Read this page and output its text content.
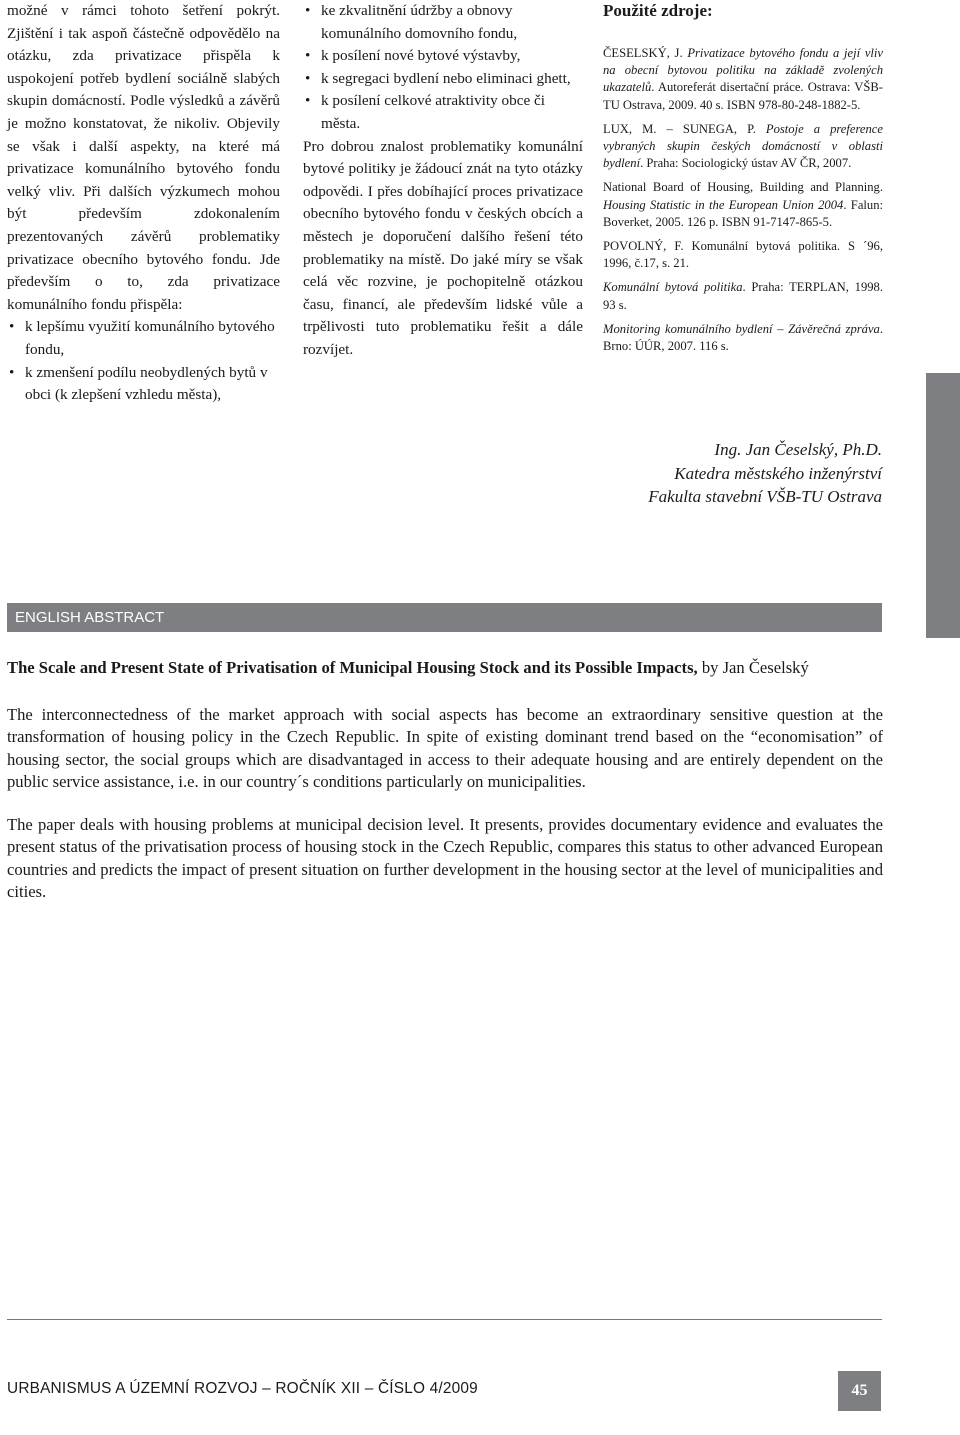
možné v rámci tohoto šetření pokrýt. Zjištění i tak aspoň částečně odpovědělo na otázku, zda privatizace přispěla k uspokojení potřeb bydlení sociálně slabých skupin domácností. Podle výsledků a závěrů je možno konstatovat, že nikoliv. Objevily se však i další aspekty, na které má privatizace komunálního bytového fondu velký vliv. Při dalších výzkumech mohou být především zdokonalením prezentovaných závěrů problematiky privatizace obecního bytového fondu. Jde především o to, zda privatizace komunálního fondu přispěla:

• k lepšímu využití komunálního bytového fondu,
• k zmenšení podílu neobydlených bytů v obci (k zlepšení vzhledu města),
• ke zkvalitnění údržby a obnovy komunálního domovního fondu,
• k posílení nové bytové výstavby,
• k segregaci bydlení nebo eliminaci ghett,
• k posílení celkové atraktivity obce či města.

Pro dobrou znalost problematiky komunální bytové politiky je žádoucí znát na tyto otázky odpovědi. I přes dobíhající proces privatizace obecního bytového fondu v českých obcích a městech je doporučení dalšího řešení této problematiky na místě. Do jaké míry se však celá věc rozvine, je pochopitelně otázkou času, financí, ale především lidské vůle a trpělivosti tuto problematiku řešit a dále rozvíjet.

Použité zdroje:

ČESELSKÝ, J. Privatizace bytového fondu a její vliv na obecní bytovou politiku na základě zvolených ukazatelů. Autoreferát disertační práce. Ostrava: VŠB-TU Ostrava, 2009. 40 s. ISBN 978-80-248-1882-5.

LUX, M. – SUNEGA, P. Postoje a preference vybraných skupin českých domácností v oblasti bydlení. Praha: Sociologický ústav AV ČR, 2007.

National Board of Housing, Building and Planning. Housing Statistic in the European Union 2004. Falun: Boverket, 2005. 126 p. ISBN 91-7147-865-5.

POVOLNÝ, F. Komunální bytová politika. S ´96, 1996, č.17, s. 21.

Komunální bytová politika. Praha: TERPLAN, 1998. 93 s.

Monitoring komunálního bydlení – Závěrečná zpráva. Brno: ÚÚR, 2007. 116 s.

Ing. Jan Česelský, Ph.D.
Katedra městského inženýrství
Fakulta stavební VŠB-TU Ostrava
ENGLISH ABSTRACT

The Scale and Present State of Privatisation of Municipal Housing Stock and its Possible Impacts, by Jan Česelský

The interconnectedness of the market approach with social aspects has become an extraordinary sensitive question at the transformation of housing policy in the Czech Republic. In spite of existing dominant trend based on the “economisation” of housing sector, the social groups which are disadvantaged in access to their adequate housing and are entirely dependent on the public service assistance, i.e. in our country´s conditions particularly on municipalities.

The paper deals with housing problems at municipal decision level. It presents, provides documentary evidence and evaluates the present status of the privatisation process of housing stock in the Czech Republic, compares this status to other advanced European countries and predicts the impact of present situation on further development in the housing sector at the level of municipalities and cities.

URBANISMUS A ÚZEMNÍ ROZVOJ – ROČNÍK XII – ČÍSLO 4/2009	45
